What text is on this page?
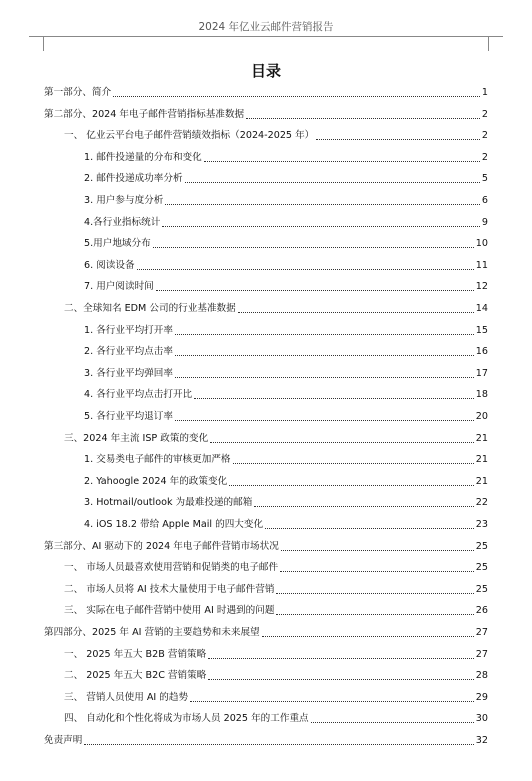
2024 年亿业云邮件营销报告
目录
第一部分、简介	1
第二部分、2024 年电子邮件营销指标基准数据	2
一、 亿业云平台电子邮件营销绩效指标（2024-2025 年）	2
1. 邮件投递量的分布和变化	2
2. 邮件投递成功率分析	5
3. 用户参与度分析	6
4.各行业指标统计	9
5.用户地域分布	10
6. 阅读设备	11
7. 用户阅读时间	12
二、全球知名 EDM 公司的行业基准数据	14
1. 各行业平均打开率	15
2. 各行业平均点击率	16
3. 各行业平均弹回率	17
4. 各行业平均点击打开比	18
5. 各行业平均退订率	20
三、2024 年主流 ISP 政策的变化	21
1. 交易类电子邮件的审核更加严格	21
2. Yahoogle 2024 年的政策变化	21
3. Hotmail/outlook 为最难投递的邮箱	22
4. iOS 18.2 带给 Apple Mail 的四大变化	23
第三部分、AI 驱动下的 2024 年电子邮件营销市场状况	25
一、 市场人员最喜欢使用营销和促销类的电子邮件	25
二、 市场人员将 AI 技术大量使用于电子邮件营销	25
三、 实际在电子邮件营销中使用 AI 时遇到的问题	26
第四部分、2025 年 AI 营销的主要趋势和未来展望	27
一、 2025 年五大 B2B 营销策略	27
二、 2025 年五大 B2C 营销策略	28
三、 营销人员使用 AI 的趋势	29
四、 自动化和个性化将成为市场人员 2025 年的工作重点	30
免责声明	32
